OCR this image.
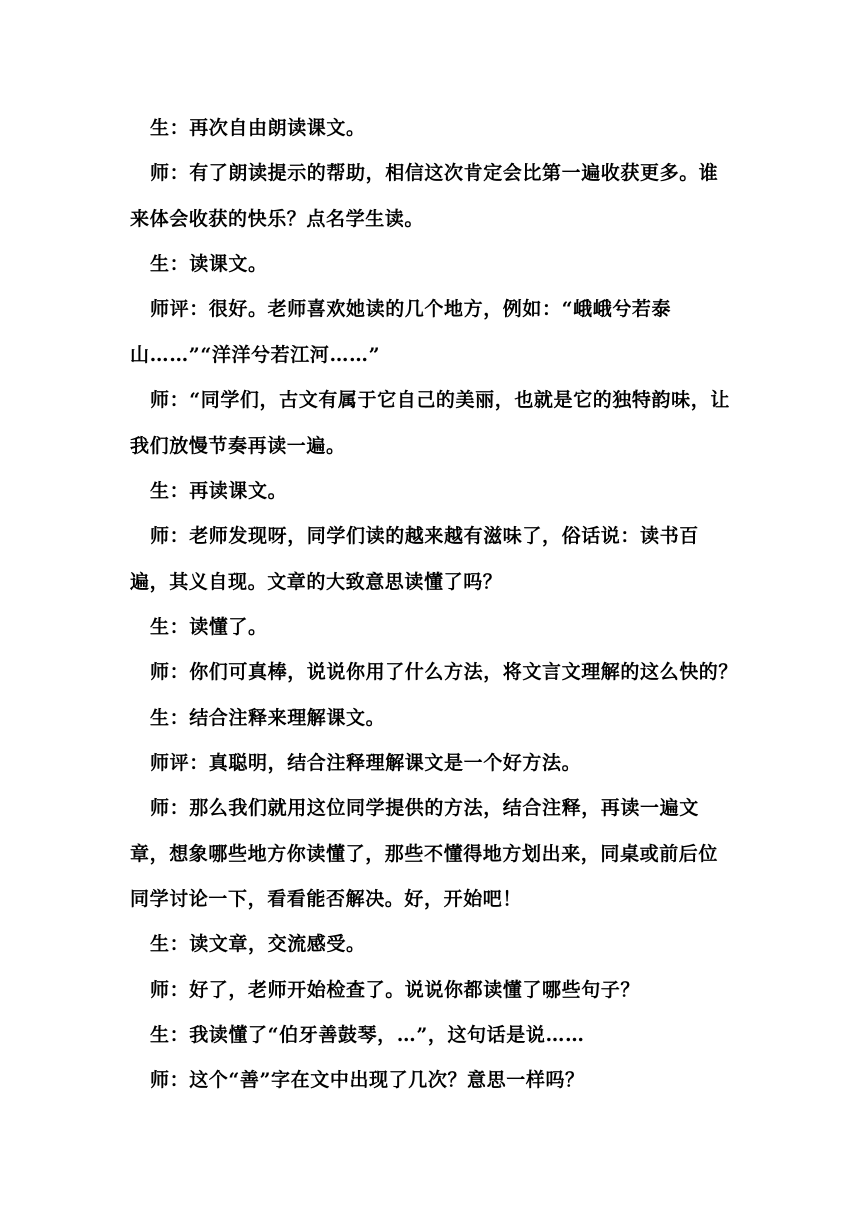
生：再次自由朗读课文。

师：有了朗读提示的帮助，相信这次肯定会比第一遍收获更多。谁来体会收获的快乐？点名学生读。

生：读课文。

师评：很好。老师喜欢她读的几个地方，例如：“峨峨兮若泰山……”“洋洋兮若江河……”

师：“同学们，古文有属于它自己的美丽，也就是它的独特韵味，让我们放慢节奏再读一遍。

生：再读课文。

师：老师发现呀，同学们读的越来越有滋味了，俗话说：读书百遍，其义自现。文章的大致意思读懂了吗？

生：读懂了。

师：你们可真棒，说说你用了什么方法，将文言文理解的这么快的？

生：结合注释来理解课文。

师评：真聪明，结合注释理解课文是一个好方法。

师：那么我们就用这位同学提供的方法，结合注释，再读一遍文章，想象哪些地方你读懂了，那些不懂得地方划出来，同桌或前后位同学讨论一下，看看能否解决。好，开始吧！

生：读文章，交流感受。

师：好了，老师开始检查了。说说你都读懂了哪些句子？

生：我读懂了“伯牙善鼓琴，…”，这句话是说……

师：这个“善”字在文中出现了几次？意思一样吗？
